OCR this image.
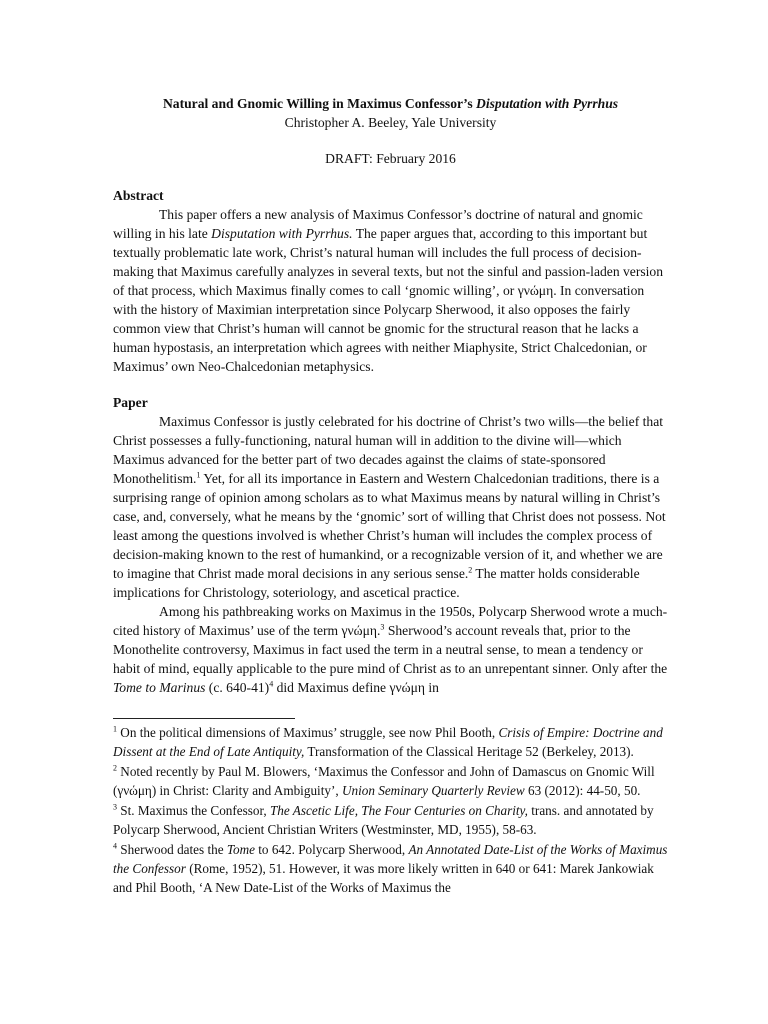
Natural and Gnomic Willing in Maximus Confessor’s Disputation with Pyrrhus

Christopher A. Beeley, Yale University

DRAFT: February 2016

Abstract

This paper offers a new analysis of Maximus Confessor’s doctrine of natural and gnomic willing in his late Disputation with Pyrrhus. The paper argues that, according to this important but textually problematic late work, Christ’s natural human will includes the full process of decision-making that Maximus carefully analyzes in several texts, but not the sinful and passion-laden version of that process, which Maximus finally comes to call ‘gnomic willing’, or γνώμη. In conversation with the history of Maximian interpretation since Polycarp Sherwood, it also opposes the fairly common view that Christ’s human will cannot be gnomic for the structural reason that he lacks a human hypostasis, an interpretation which agrees with neither Miaphysite, Strict Chalcedonian, or Maximus’ own Neo-Chalcedonian metaphysics.

Paper

Maximus Confessor is justly celebrated for his doctrine of Christ’s two wills—the belief that Christ possesses a fully-functioning, natural human will in addition to the divine will—which Maximus advanced for the better part of two decades against the claims of state-sponsored Monothelitism.$^1$ Yet, for all its importance in Eastern and Western Chalcedonian traditions, there is a surprising range of opinion among scholars as to what Maximus means by natural willing in Christ’s case, and, conversely, what he means by the ‘gnomic’ sort of willing that Christ does not possess. Not least among the questions involved is whether Christ’s human will includes the complex process of decision-making known to the rest of humankind, or a recognizable version of it, and whether we are to imagine that Christ made moral decisions in any serious sense.$^2$ The matter holds considerable implications for Christology, soteriology, and ascetical practice.

Among his pathbreaking works on Maximus in the 1950s, Polycarp Sherwood wrote a much-cited history of Maximus’ use of the term γνώμη.$^3$ Sherwood’s account reveals that, prior to the Monothelite controversy, Maximus in fact used the term in a neutral sense, to mean a tendency or habit of mind, equally applicable to the pure mind of Christ as to an unrepentant sinner. Only after the Tome to Marinus (c. 640-41)$^4$ did Maximus define γνώμη in

$^1$ On the political dimensions of Maximus’ struggle, see now Phil Booth, Crisis of Empire: Doctrine and Dissent at the End of Late Antiquity, Transformation of the Classical Heritage 52 (Berkeley, 2013).

$^2$ Noted recently by Paul M. Blowers, ‘Maximus the Confessor and John of Damascus on Gnomic Will (γνώμη) in Christ: Clarity and Ambiguity’, Union Seminary Quarterly Review 63 (2012): 44-50, 50.

$^3$ St. Maximus the Confessor, The Ascetic Life, The Four Centuries on Charity, trans. and annotated by Polycarp Sherwood, Ancient Christian Writers (Westminster, MD, 1955), 58-63.

$^4$ Sherwood dates the Tome to 642. Polycarp Sherwood, An Annotated Date-List of the Works of Maximus the Confessor (Rome, 1952), 51. However, it was more likely written in 640 or 641: Marek Jankowiak and Phil Booth, ‘A New Date-List of the Works of Maximus the
